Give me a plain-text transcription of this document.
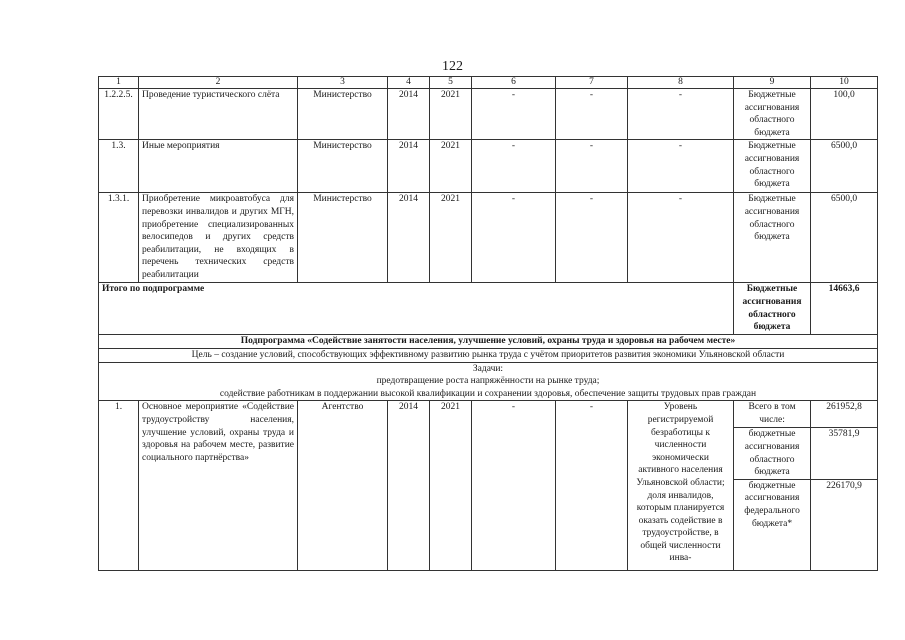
122
1	2	3	4	5	6	7	8	9	10
1.2.2.5.	Проведение туристического слёта	Министерство	2014	2021	-	-	-	Бюджетные ассигнования областного бюджета	100,0
1.3.	Иные мероприятия	Министерство	2014	2021	-	-	-	Бюджетные ассигнования областного бюджета	6500,0
1.3.1.	Приобретение микроавтобуса для перевозки инвалидов и других МГН, приобретение специализированных велосипедов и других средств реабилитации, не входящих в перечень технических средств реабилитации	Министерство	2014	2021	-	-	-	Бюджетные ассигнования областного бюджета	6500,0
Итого по подпрограмме	Бюджетные ассигнования областного бюджета	14663,6
Подпрограмма «Содействие занятости населения, улучшение условий, охраны труда и здоровья на рабочем месте»
Цель – создание условий, способствующих эффективному развитию рынка труда с учётом приоритетов развития экономики Ульяновской области

Задачи:
предотвращение роста напряжённости на рынке труда;
содействие работникам в поддержании высокой квалификации и сохранении здоровья, обеспечение защиты трудовых прав граждан

1.	Основное мероприятие «Содействие трудоустройству населения, улучшение условий, охраны труда и здоровья на рабочем месте, развитие социального партнёрства»	Агентство	2014	2021	-	-	Уровень регистрируемой безработицы к численности экономически активного населения Ульяновской области; доля инвалидов, которым планируется оказать содействие в трудоустройстве, в общей численности инва-	
Всего в том числе:	261952,8
бюджетные ассигнования областного бюджета	35781,9
бюджетные ассигнования федерального бюджета*	226170,9
